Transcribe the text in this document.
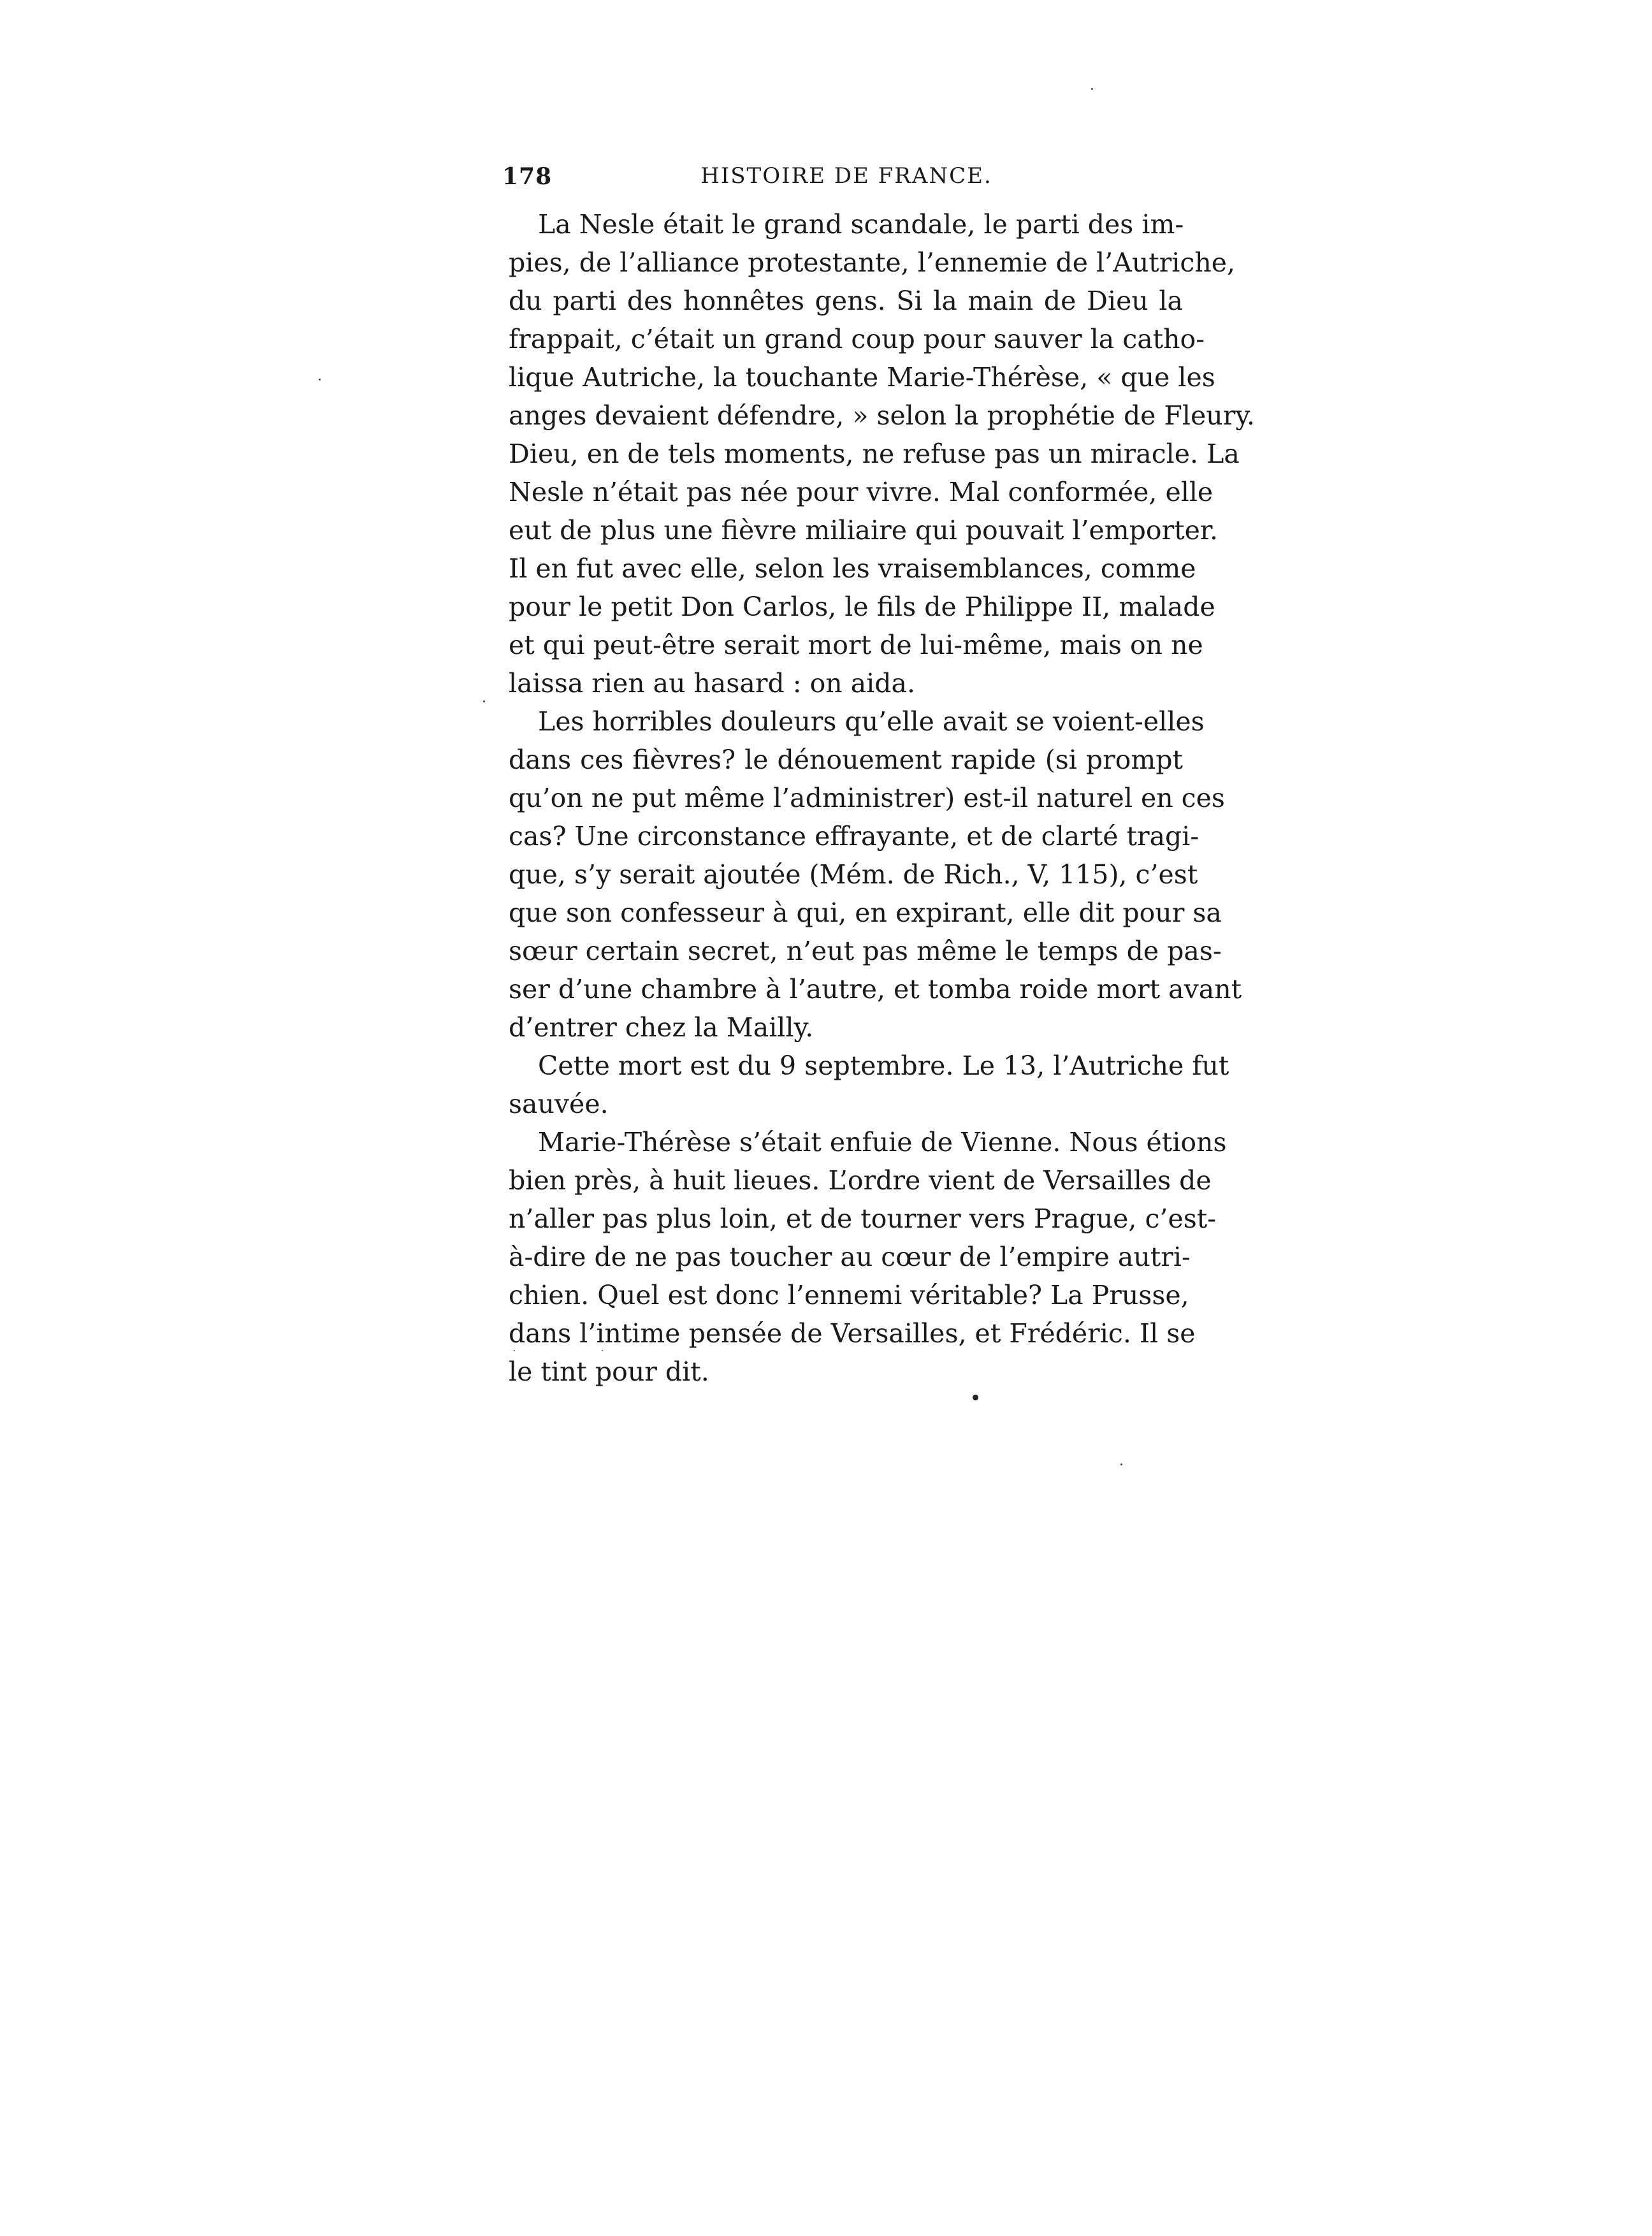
178	HISTOIRE DE FRANCE.
La Nesle était le grand scandale, le parti des im-
pies, de l’alliance protestante, l’ennemie de l’Autriche,
du parti des honnêtes gens. Si la main de Dieu la
frappait, c’était un grand coup pour sauver la catho-
lique Autriche, la touchante Marie-Thérèse, « que les
anges devaient défendre, » selon la prophétie de Fleury.
Dieu, en de tels moments, ne refuse pas un miracle. La
Nesle n’était pas née pour vivre. Mal conformée, elle
eut de plus une fièvre miliaire qui pouvait l’emporter.
Il en fut avec elle, selon les vraisemblances, comme
pour le petit Don Carlos, le fils de Philippe II, malade
et qui peut-être serait mort de lui-même, mais on ne
laissa rien au hasard : on aida.
Les horribles douleurs qu’elle avait se voient-elles
dans ces fièvres? le dénouement rapide (si prompt
qu’on ne put même l’administrer) est-il naturel en ces
cas? Une circonstance effrayante, et de clarté tragi-
que, s’y serait ajoutée (Mém. de Rich., V, 115), c’est
que son confesseur à qui, en expirant, elle dit pour sa
sœur certain secret, n’eut pas même le temps de pas-
ser d’une chambre à l’autre, et tomba roide mort avant
d’entrer chez la Mailly.
Cette mort est du 9 septembre. Le 13, l’Autriche fut
sauvée.
Marie-Thérèse s’était enfuie de Vienne. Nous étions
bien près, à huit lieues. L’ordre vient de Versailles de
n’aller pas plus loin, et de tourner vers Prague, c’est-
à-dire de ne pas toucher au cœur de l’empire autri-
chien. Quel est donc l’ennemi véritable? La Prusse,
dans l’intime pensée de Versailles, et Frédéric. Il se
le tint pour dit.
